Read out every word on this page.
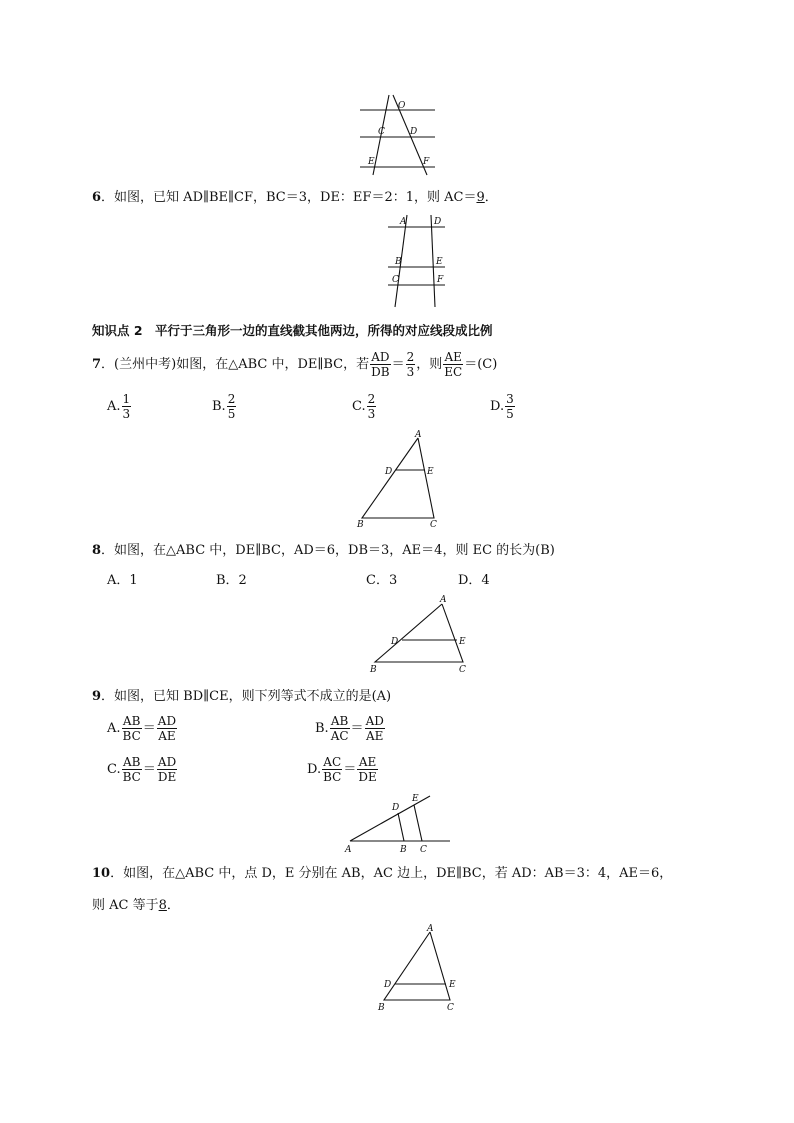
O
C	D
E	F
6．如图，已知 AD∥BE∥CF，BC＝3，DE：EF＝2：1，则 AC＝9．
A	D
B	E
C	F
知识点 2　平行于三角形一边的直线截其他两边，所得的对应线段成比例
7．(兰州中考)如图，在△ABC 中，DE∥BC，若 $\frac{AD}{DB} = \frac{2}{3}$ ，则 $\frac{AE}{EC} =(C)$
A. $\frac{1}{3}$	B. $\frac{2}{5}$	C. $\frac{2}{3}$	D. $\frac{3}{5}$
A
D	E
B	C
8．如图，在△ABC 中，DE∥BC，AD＝6，DB＝3，AE＝4，则 EC 的长为(B)
A．1	B．2	C．3	D．4
A
D	E
B	C
9．如图，已知 BD∥CE，则下列等式不成立的是(A)
A. $\frac{AB}{BC} = \frac{AD}{AE}$	B. $\frac{AB}{AC} = \frac{AD}{AE}$
C. $\frac{AB}{BC} = \frac{AD}{DE}$	D. $\frac{AC}{BC} = \frac{AE}{DE}$
A	B C
D
E
10．如图，在△ABC 中，点 D，E 分别在 AB，AC 边上，DE∥BC，若 AD：AB＝3：4，AE＝6，
则 AC 等于8．
A
D	E
B	C
